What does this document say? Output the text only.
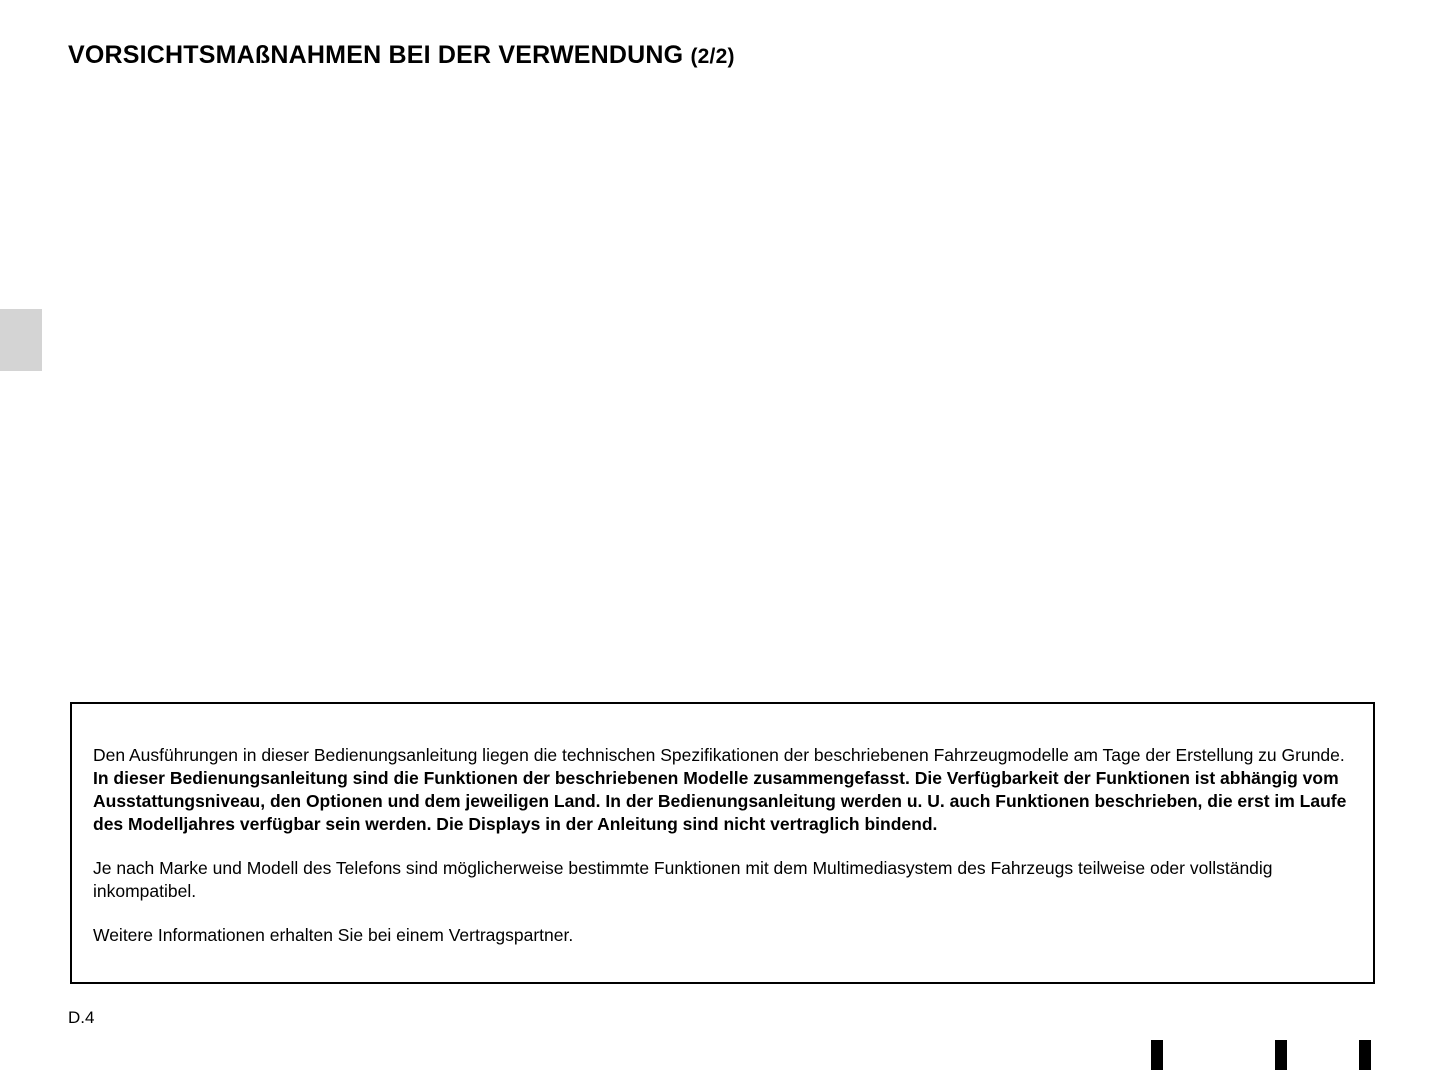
VORSICHTSMAßNAHMEN BEI DER VERWENDUNG (2/2)

Den Ausführungen in dieser Bedienungsanleitung liegen die technischen Spezifikationen der beschriebenen Fahrzeugmodelle am Tage der Erstellung zu Grunde. In dieser Bedienungsanleitung sind die Funktionen der beschriebenen Modelle zusammengefasst. Die Verfügbarkeit der Funktionen ist abhängig vom Ausstattungsniveau, den Optionen und dem jeweiligen Land. In der Bedienungsanleitung werden u. U. auch Funktionen beschrieben, die erst im Laufe des Modelljahres verfügbar sein werden. Die Displays in der Anleitung sind nicht vertraglich bindend.

Je nach Marke und Modell des Telefons sind möglicherweise bestimmte Funktionen mit dem Multimediasystem des Fahrzeugs teilweise oder vollständig inkompatibel.

Weitere Informationen erhalten Sie bei einem Vertragspartner.

D.4
